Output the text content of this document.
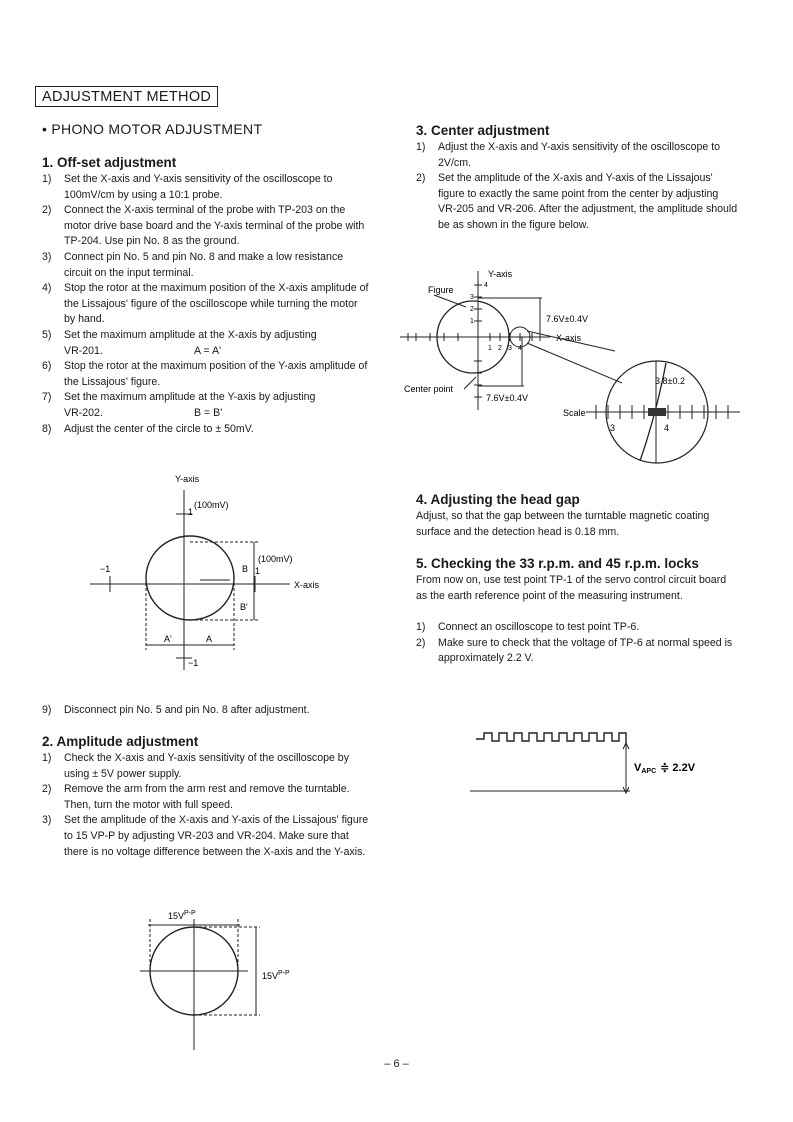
ADJUSTMENT METHOD
• PHONO MOTOR ADJUSTMENT
1. Off-set adjustment
1)	Set the X-axis and Y-axis sensitivity of the oscilloscope to 100mV/cm by using a 10:1 probe.
2)	Connect the X-axis terminal of the probe with TP-203 on the motor drive base board and the Y-axis terminal of the probe with TP-204. Use pin No. 8 as the ground.
3)	Connect pin No. 5 and pin No. 8 and make a low resistance circuit on the input terminal.
4)	Stop the rotor at the maximum position of the X-axis amplitude of the Lissajous' figure of the oscilloscope while turning the motor by hand.
5)	Set the maximum amplitude at the X-axis by adjusting
VR-201.	A = A'
6)	Stop the rotor at the maximum position of the Y-axis amplitude of the Lissajous' figure.
7)	Set the maximum amplitude at the Y-axis by adjusting
VR-202.	B = B'
8)	Adjust the center of the circle to ± 50mV.
Y-axis
(100mV)
1
−1
(100mV)
1
X-axis
B
B'
A'	A
−1
9)	Disconnect pin No. 5 and pin No. 8 after adjustment.
2. Amplitude adjustment
1)	Check the X-axis and Y-axis sensitivity of the oscilloscope by using ± 5V power supply.
2)	Remove the arm from the arm rest and remove the turntable. Then, turn the motor with full speed.
3)	Set the amplitude of the X-axis and Y-axis of the Lissajous' figure to 15 VP-P by adjusting VR-203 and VR-204. Make sure that there is no voltage difference between the X-axis and the Y-axis.
$15V^{P-P}$
$15V^{P-P}$
3. Center adjustment
1)	Adjust the X-axis and Y-axis sensitivity of the oscilloscope to 2V/cm.
2)	Set the amplitude of the X-axis and Y-axis of the Lissajous' figure to exactly the same point from the center by adjusting VR-205 and VR-206. After the adjustment, the amplitude should be as shown in the figure below.
Y-axis
Figure
7.6V±0.4V
X-axis
Center point
7.6V±0.4V
4
3
2
1
1 2 3 4
Scale
3.8±0.2
3	4
4. Adjusting the head gap
Adjust, so that the gap between the turntable magnetic coating surface and the detection head is 0.18 mm.
5. Checking the 33 r.p.m. and 45 r.p.m. locks
From now on, use test point TP-1 of the servo control circuit board as the earth reference point of the measuring instrument.
1)	Connect an oscilloscope to test point TP-6.
2)	Make sure to check that the voltage of TP-6 at normal speed is approximately 2.2 V.
VAPC ≑ 2.2V
– 6 –
